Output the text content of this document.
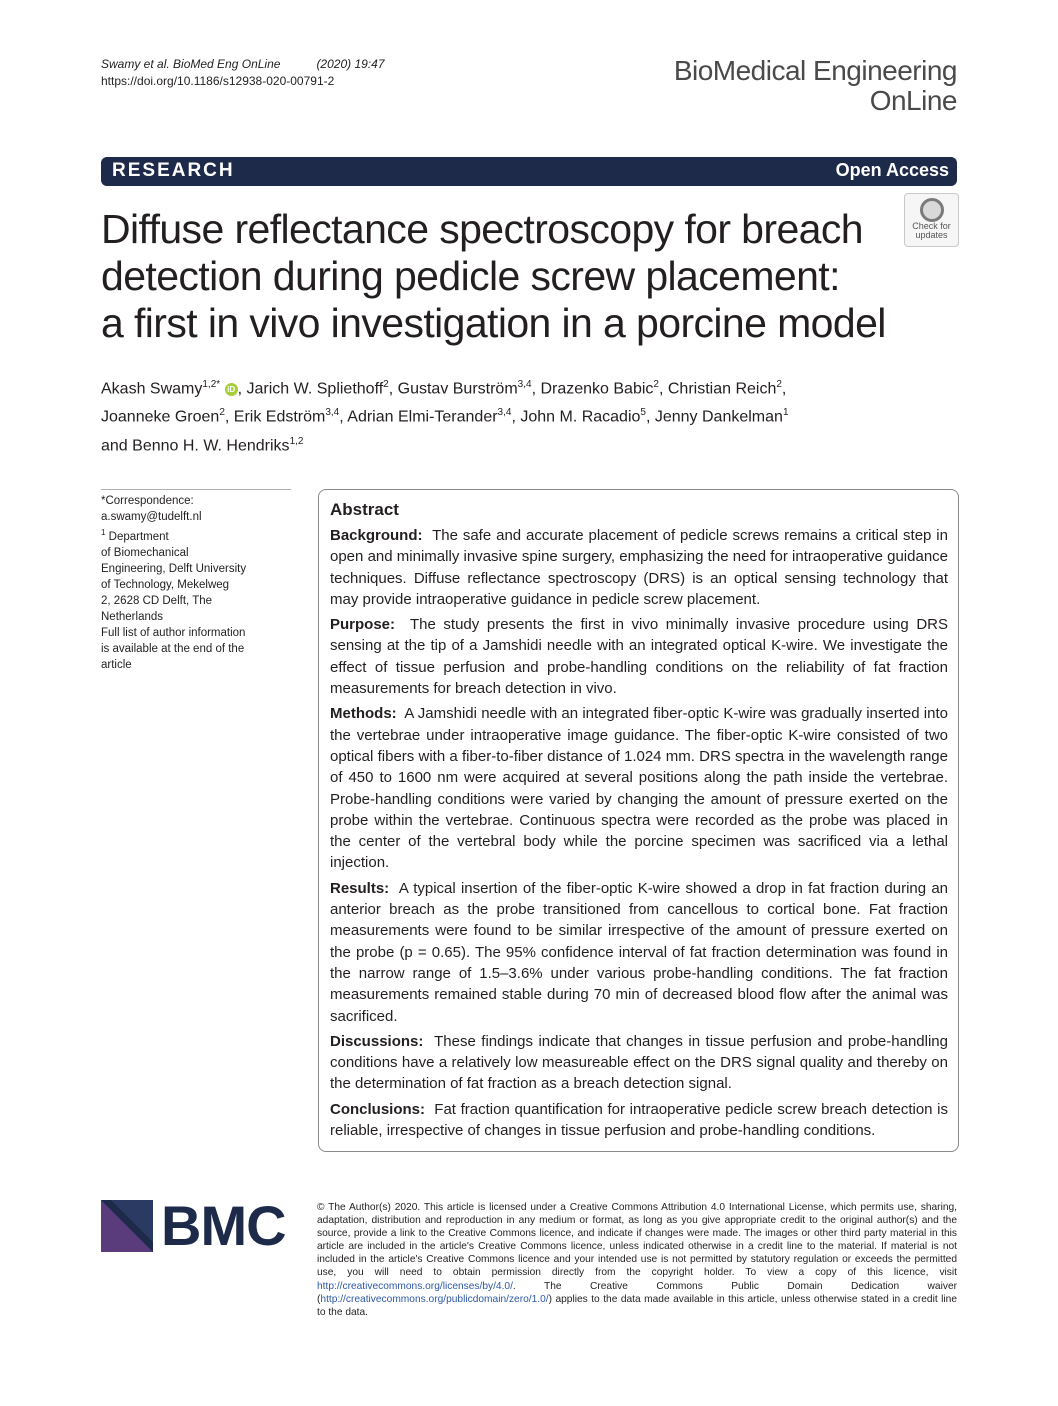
Swamy et al. BioMed Eng OnLine	(2020) 19:47
https://doi.org/10.1186/s12938-020-00791-2	BioMedical Engineering
OnLine
RESEARCH	Open Access
Diffuse reflectance spectroscopy for breach
detection during pedicle screw placement:
a first in vivo investigation in a porcine model
Check for
updates
Akash Swamy$^{1,2*}$ iD , Jarich W. Spliethoff$^2$, Gustav Burström$^{3,4}$, Drazenko Babic$^2$, Christian Reich$^2$,
Joanneke Groen$^2$, Erik Edström$^{3,4}$, Adrian Elmi-Terander$^{3,4}$, John M. Racadio$^5$, Jenny Dankelman$^1$
and Benno H. W. Hendriks$^{1,2}$
*Correspondence:
a.swamy@tudelft.nl
$^1$ Department
of Biomechanical
Engineering, Delft University
of Technology, Mekelweg
2, 2628 CD Delft, The
Netherlands
Full list of author information
is available at the end of the
article
Abstract

Background: The safe and accurate placement of pedicle screws remains a critical step in open and minimally invasive spine surgery, emphasizing the need for intraoperative guidance techniques. Diffuse reflectance spectroscopy (DRS) is an optical sensing technology that may provide intraoperative guidance in pedicle screw placement.

Purpose: The study presents the first in vivo minimally invasive procedure using DRS sensing at the tip of a Jamshidi needle with an integrated optical K-wire. We investigate the effect of tissue perfusion and probe-handling conditions on the reliability of fat fraction measurements for breach detection in vivo.

Methods: A Jamshidi needle with an integrated fiber-optic K-wire was gradually inserted into the vertebrae under intraoperative image guidance. The fiber-optic K-wire consisted of two optical fibers with a fiber-to-fiber distance of 1.024 mm. DRS spectra in the wavelength range of 450 to 1600 nm were acquired at several positions along the path inside the vertebrae. Probe-handling conditions were varied by changing the amount of pressure exerted on the probe within the vertebrae. Continuous spectra were recorded as the probe was placed in the center of the vertebral body while the porcine specimen was sacrificed via a lethal injection.

Results: A typical insertion of the fiber-optic K-wire showed a drop in fat fraction during an anterior breach as the probe transitioned from cancellous to cortical bone. Fat fraction measurements were found to be similar irrespective of the amount of pressure exerted on the probe (p = 0.65). The 95% confidence interval of fat fraction determination was found in the narrow range of 1.5–3.6% under various probe-handling conditions. The fat fraction measurements remained stable during 70 min of decreased blood flow after the animal was sacrificed.

Discussions: These findings indicate that changes in tissue perfusion and probe-handling conditions have a relatively low measureable effect on the DRS signal quality and thereby on the determination of fat fraction as a breach detection signal.

Conclusions: Fat fraction quantification for intraoperative pedicle screw breach detection is reliable, irrespective of changes in tissue perfusion and probe-handling conditions.

BMC	© The Author(s) 2020. This article is licensed under a Creative Commons Attribution 4.0 International License, which permits use, sharing, adaptation, distribution and reproduction in any medium or format, as long as you give appropriate credit to the original author(s) and the source, provide a link to the Creative Commons licence, and indicate if changes were made. The images or other third party material in this article are included in the article's Creative Commons licence, unless indicated otherwise in a credit line to the material. If material is not included in the article's Creative Commons licence and your intended use is not permitted by statutory regulation or exceeds the permitted use, you will need to obtain permission directly from the copyright holder. To view a copy of this licence, visit http://creativecommons.org/licenses/by/4.0/. The Creative Commons Public Domain Dedication waiver (http://creativecommons.org/publicdomain/zero/1.0/) applies to the data made available in this article, unless otherwise stated in a credit line to the data.
